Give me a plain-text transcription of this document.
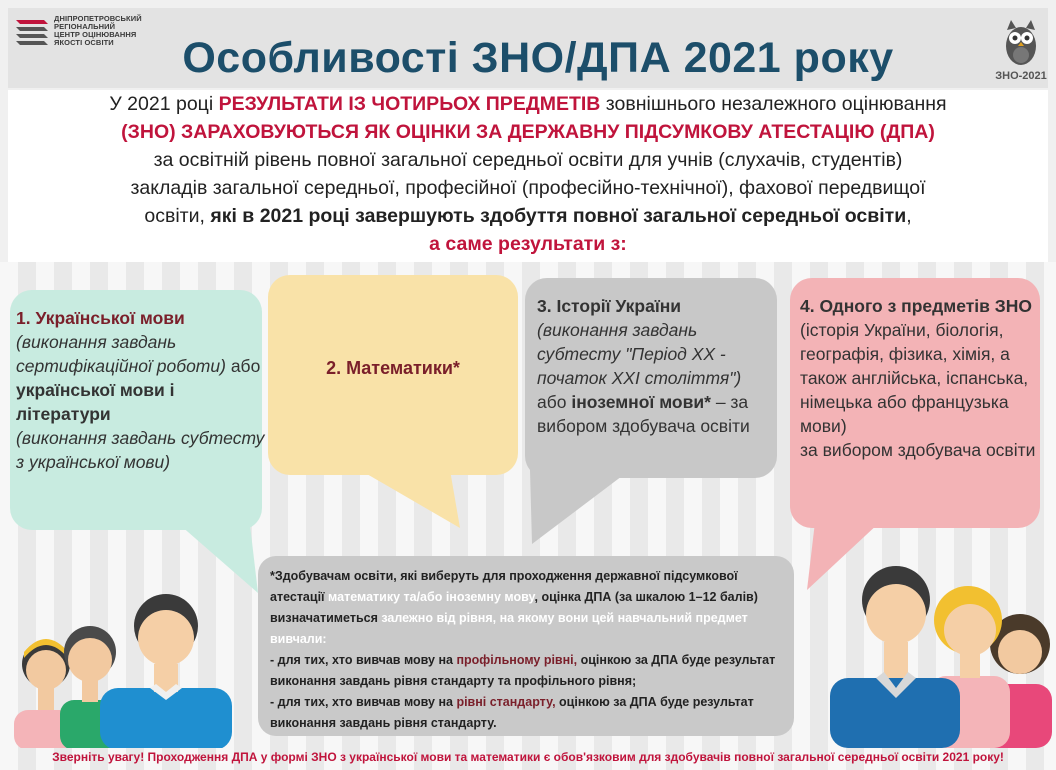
ДНІПРОПЕТРОВСЬКИЙ
РЕГІОНАЛЬНИЙ
ЦЕНТР ОЦІНЮВАННЯ
ЯКОСТІ ОСВІТИ	Особливості ЗНО/ДПА 2021 року	ЗНО-2021
У 2021 році РЕЗУЛЬТАТИ ІЗ ЧОТИРЬОХ ПРЕДМЕТІВ зовнішнього незалежного оцінювання
(ЗНО) ЗАРАХОВУЮТЬСЯ ЯК ОЦІНКИ ЗА ДЕРЖАВНУ ПІДСУМКОВУ АТЕСТАЦІЮ (ДПА)
за освітній рівень повної загальної середньої освіти для учнів (слухачів, студентів)
закладів загальної середньої, професійної (професійно-технічної), фахової передвищої
освіти, які в 2021 році завершують здобуття повної загальної середньої освіти,
а саме результати з:
1. Української мови
(виконання завдань сертифікаційної роботи) або української мови і літератури
(виконання завдань субтесту з української мови)
2. Математики*
3. Історії України
(виконання завдань субтесту "Період XX - початок XXI століття")
або іноземної мови* – за вибором здобувача освіти
4. Одного з предметів ЗНО (історія України, біологія, географія, фізика, хімія, а також англійська, іспанська, німецька або французька мови)
за вибором здобувача освіти
*Здобувачам освіти, які виберуть для проходження державної підсумкової атестації математику та/або іноземну мову, оцінка ДПА (за шкалою 1–12 балів) визначатиметься залежно від рівня, на якому вони цей навчальний предмет вивчали:
- для тих, хто вивчав мову на профільному рівні, оцінкою за ДПА буде результат виконання завдань рівня стандарту та профільного рівня;
- для тих, хто вивчав мову на рівні стандарту, оцінкою за ДПА буде результат виконання завдань рівня стандарту.
Зверніть увагу! Проходження ДПА у формі ЗНО з української мови та математики є обов'язковим для здобувачів повної загальної середньої освіти 2021 року!
